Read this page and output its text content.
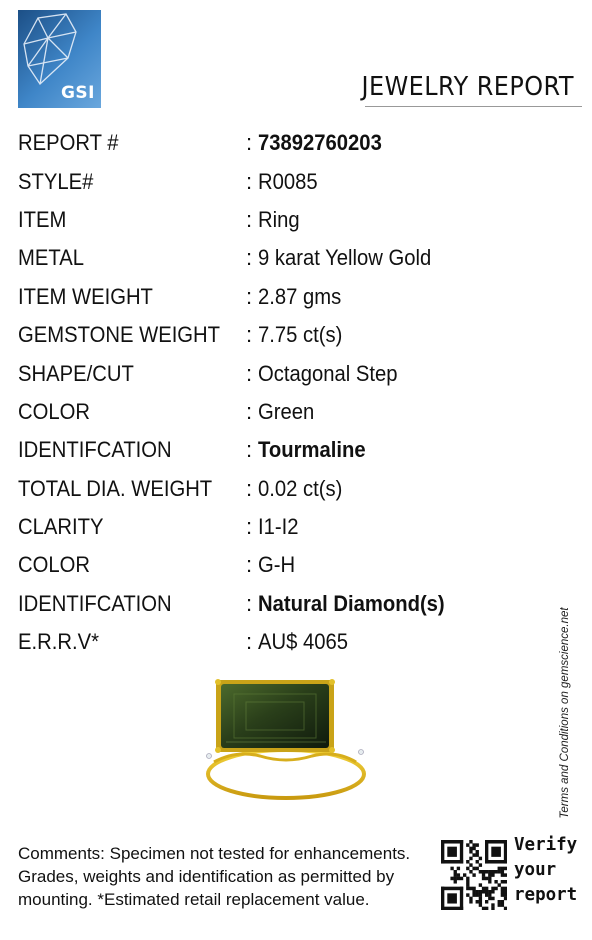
GSI	JEWELRY REPORT
REPORT #	: 73892760203
STYLE#	: R0085
ITEM	: Ring
METAL	: 9 karat Yellow Gold
ITEM WEIGHT	: 2.87 gms
GEMSTONE WEIGHT	: 7.75 ct(s)
SHAPE/CUT	: Octagonal Step
COLOR	: Green
IDENTIFCATION	: Tourmaline
TOTAL DIA. WEIGHT	: 0.02 ct(s)
CLARITY	: I1-I2
COLOR	: G-H
IDENTIFCATION	: Natural Diamond(s)
E.R.R.V*	: AU$ 4065	Terms and Conditions on gemscience.net
Comments: Specimen not tested for enhancements. Grades, weights and identification as permitted by mounting. *Estimated retail replacement value.
Verify
your
report
